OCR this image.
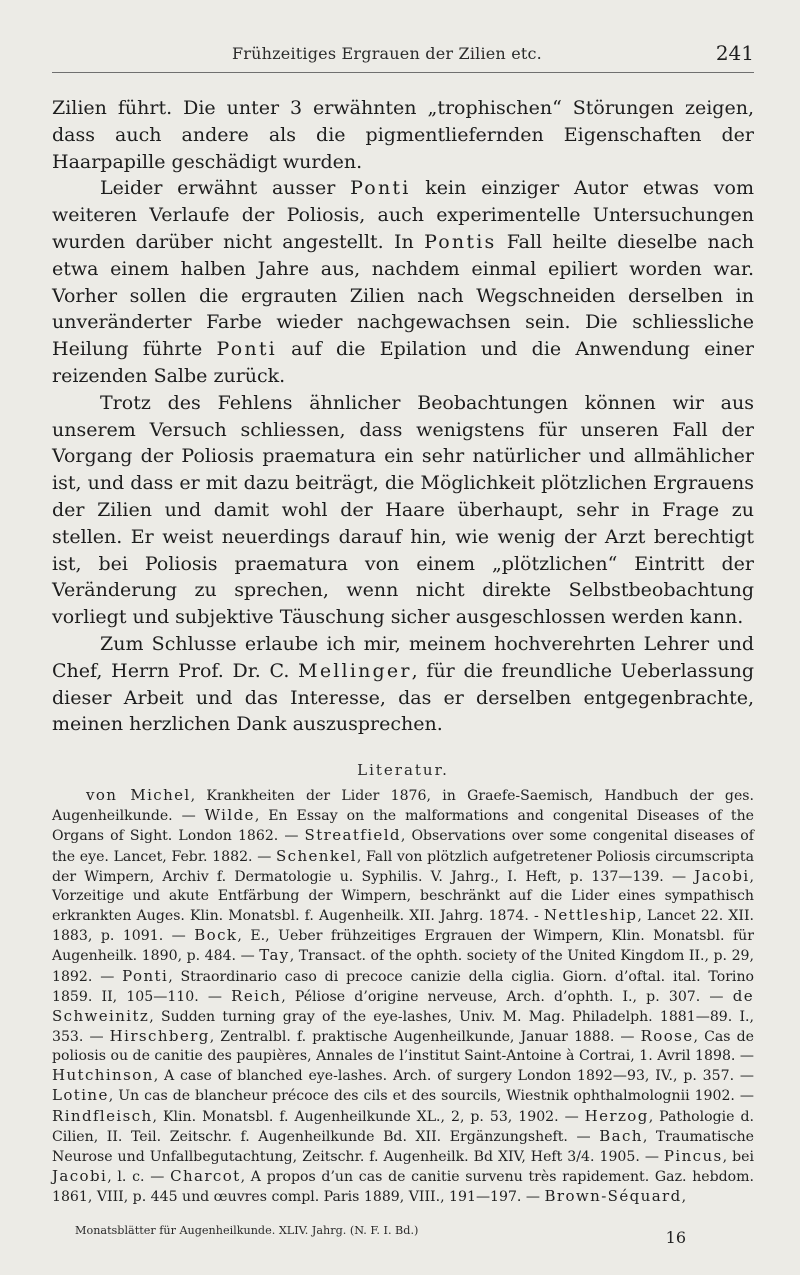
Frühzeitiges Ergrauen der Zilien etc.	241

Zilien führt. Die unter 3 erwähnten „trophischen“ Störungen zeigen, dass auch andere als die pigmentliefernden Eigenschaften der Haarpapille geschädigt wurden.

Leider erwähnt ausser Ponti kein einziger Autor etwas vom weiteren Verlaufe der Poliosis, auch experimentelle Untersuchungen wurden darüber nicht angestellt. In Pontis Fall heilte dieselbe nach etwa einem halben Jahre aus, nachdem einmal epiliert worden war. Vorher sollen die ergrauten Zilien nach Wegschneiden derselben in unveränderter Farbe wieder nachgewachsen sein. Die schliessliche Heilung führte Ponti auf die Epilation und die Anwendung einer reizenden Salbe zurück.

Trotz des Fehlens ähnlicher Beobachtungen können wir aus unserem Versuch schliessen, dass wenigstens für unseren Fall der Vorgang der Poliosis praematura ein sehr natürlicher und allmählicher ist, und dass er mit dazu beiträgt, die Möglichkeit plötzlichen Ergrauens der Zilien und damit wohl der Haare überhaupt, sehr in Frage zu stellen. Er weist neuerdings darauf hin, wie wenig der Arzt berechtigt ist, bei Poliosis praematura von einem „plötzlichen“ Eintritt der Veränderung zu sprechen, wenn nicht direkte Selbstbeobachtung vorliegt und subjektive Täuschung sicher ausgeschlossen werden kann.

Zum Schlusse erlaube ich mir, meinem hochverehrten Lehrer und Chef, Herrn Prof. Dr. C. Mellinger, für die freundliche Ueberlassung dieser Arbeit und das Interesse, das er derselben entgegenbrachte, meinen herzlichen Dank auszusprechen.

Literatur.

von Michel, Krankheiten der Lider 1876, in Graefe-Saemisch, Handbuch der ges. Augenheilkunde. — Wilde, En Essay on the malformations and congenital Diseases of the Organs of Sight. London 1862. — Streatfield, Observations over some congenital diseases of the eye. Lancet, Febr. 1882. — Schenkel, Fall von plötzlich aufgetretener Poliosis circumscripta der Wimpern, Archiv f. Dermatologie u. Syphilis. V. Jahrg., I. Heft, p. 137—139. — Jacobi, Vorzeitige und akute Entfärbung der Wimpern, beschränkt auf die Lider eines sympathisch erkrankten Auges. Klin. Monatsbl. f. Augenheilk. XII. Jahrg. 1874. - Nettleship, Lancet 22. XII. 1883, p. 1091. — Bock, E., Ueber frühzeitiges Ergrauen der Wimpern, Klin. Monatsbl. für Augenheilk. 1890, p. 484. — Tay, Transact. of the ophth. society of the United Kingdom II., p. 29, 1892. — Ponti, Straordinario caso di precoce canizie della ciglia. Giorn. d’oftal. ital. Torino 1859. II, 105—110. — Reich, Péliose d’origine nerveuse, Arch. d’ophth. I., p. 307. — de Schweinitz, Sudden turning gray of the eye-lashes, Univ. M. Mag. Philadelph. 1881—89. I., 353. — Hirschberg, Zentralbl. f. praktische Augenheilkunde, Januar 1888. — Roose, Cas de poliosis ou de canitie des paupières, Annales de l’institut Saint-Antoine à Cortrai, 1. Avril 1898. — Hutchinson, A case of blanched eye-lashes. Arch. of surgery London 1892—93, IV., p. 357. — Lotine, Un cas de blancheur précoce des cils et des sourcils, Wiestnik ophthalmolognii 1902. — Rindfleisch, Klin. Monatsbl. f. Augenheilkunde XL., 2, p. 53, 1902. — Herzog, Pathologie d. Cilien, II. Teil. Zeitschr. f. Augenheilkunde Bd. XII. Ergänzungsheft. — Bach, Traumatische Neurose und Unfallbegutachtung, Zeitschr. f. Augenheilk. Bd XIV, Heft 3/4. 1905. — Pincus, bei Jacobi, l. c. — Charcot, A propos d’un cas de canitie survenu très rapidement. Gaz. hebdom. 1861, VIII, p. 445 und œuvres compl. Paris 1889, VIII., 191—197. — Brown-Séquard,

Monatsblätter für Augenheilkunde. XLIV. Jahrg. (N. F. I. Bd.)	16
